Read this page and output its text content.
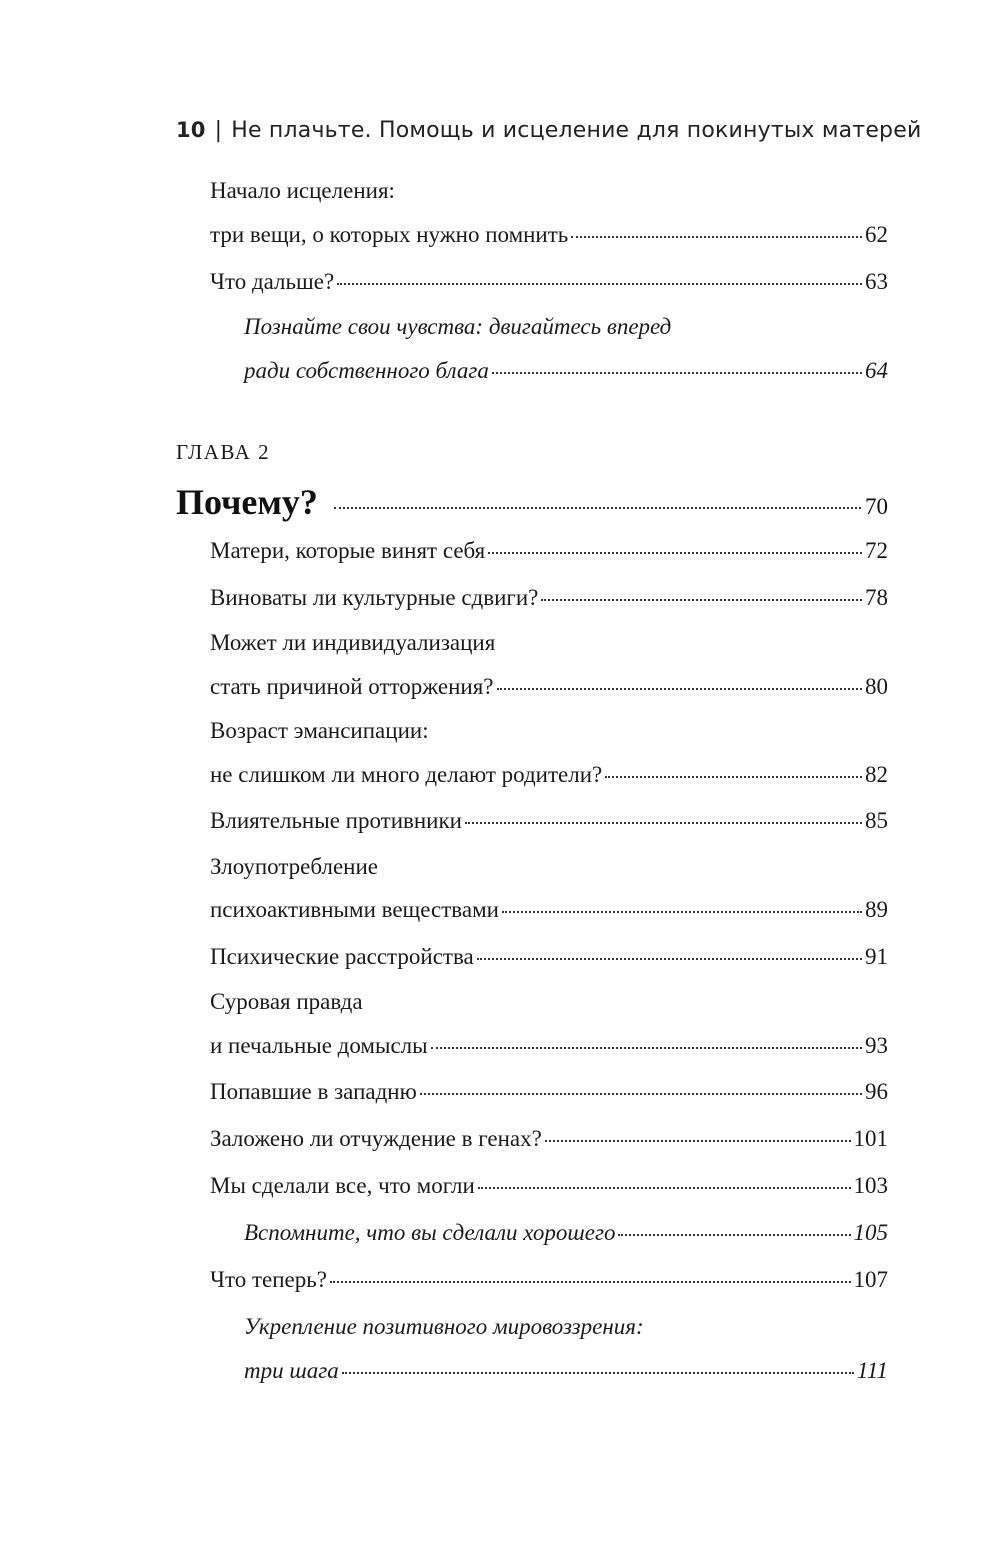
10 | Не плачьте. Помощь и исцеление для покинутых матерей
Начало исцеления:
три вещи, о которых нужно помнить	62
Что дальше?	63
Познайте свои чувства: двигайтесь вперед
ради собственного блага	64
ГЛАВА 2
Почему?	70
Матери, которые винят себя	72
Виноваты ли культурные сдвиги?	78
Может ли индивидуализация
стать причиной отторжения?	80
Возраст эмансипации:
не слишком ли много делают родители?	82
Влиятельные противники	85
Злоупотребление
психоактивными веществами	89
Психические расстройства	91
Суровая правда
и печальные домыслы	93
Попавшие в западню	96
Заложено ли отчуждение в генах?	101
Мы сделали все, что могли	103
Вспомните, что вы сделали хорошего	105
Что теперь?	107
Укрепление позитивного мировоззрения:
три шага	111
